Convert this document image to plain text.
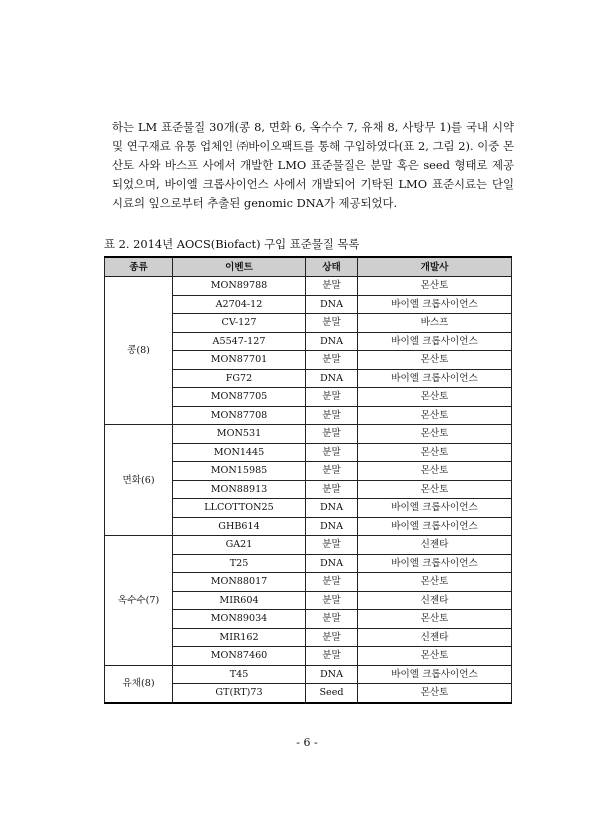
하는 LM 표준물질 30개(콩 8, 면화 6, 옥수수 7, 유채 8, 사탕무 1)를 국내 시약 및 연구재료 유통 업체인 ㈜바이오팩트를 통해 구입하였다(표 2, 그림 2). 이중 몬산토 사와 바스프 사에서 개발한 LMO 표준물질은 분말 혹은 seed 형태로 제공되었으며, 바이엘 크롭사이언스 사에서 개발되어 기탁된 LMO 표준시료는 단일 시료의 잎으로부터 추출된 genomic DNA가 제공되었다.

표 2. 2014년 AOCS(Biofact) 구입 표준물질 목록

종류	이벤트	상태	개발사
콩(8)	MON89788	분말	몬산토
	A2704-12	DNA	바이엘 크롭사이언스
	CV-127	분말	바스프
	A5547-127	DNA	바이엘 크롭사이언스
	MON87701	분말	몬산토
	FG72	DNA	바이엘 크롭사이언스
	MON87705	분말	몬산토
	MON87708	분말	몬산토
면화(6)	MON531	분말	몬산토
	MON1445	분말	몬산토
	MON15985	분말	몬산토
	MON88913	분말	몬산토
	LLCOTTON25	DNA	바이엘 크롭사이언스
	GHB614	DNA	바이엘 크롭사이언스
옥수수(7)	GA21	분말	신젠타
	T25	DNA	바이엘 크롭사이언스
	MON88017	분말	몬산토
	MIR604	분말	신젠타
	MON89034	분말	몬산토
	MIR162	분말	신젠타
	MON87460	분말	몬산토
유채(8)	T45	DNA	바이엘 크롭사이언스
	GT(RT)73	Seed	몬산토
- 6 -
